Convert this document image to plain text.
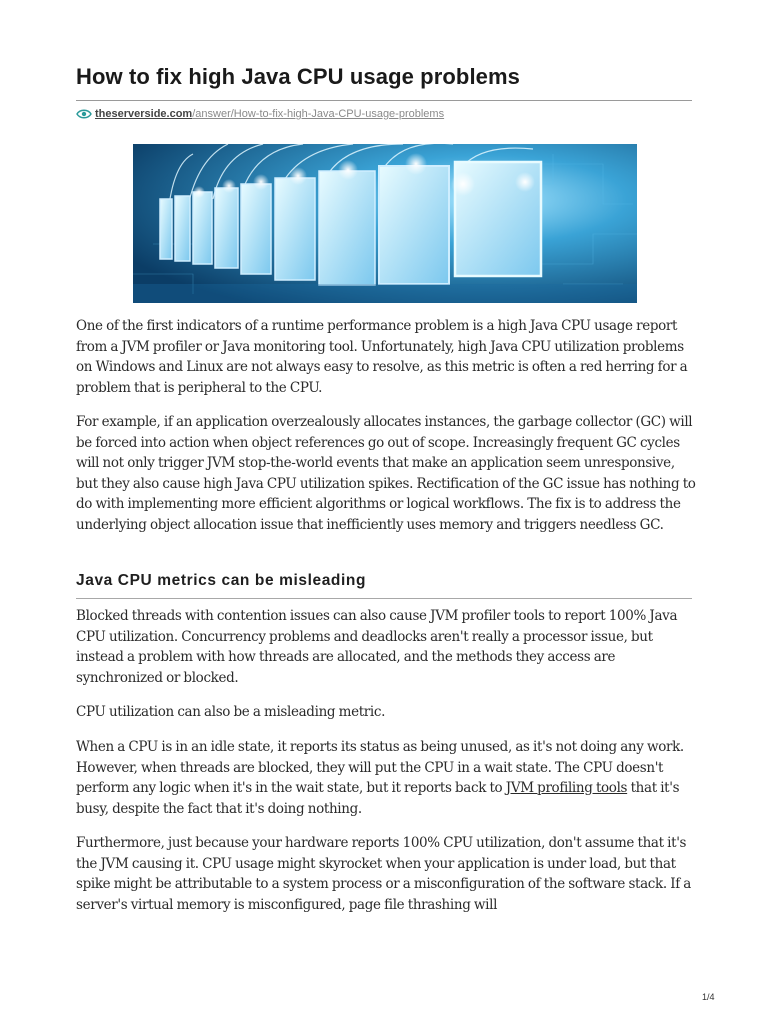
How to fix high Java CPU usage problems
theserverside.com /answer/How-to-fix-high-Java-CPU-usage-problems

One of the first indicators of a runtime performance problem is a high Java CPU usage report from a JVM profiler or Java monitoring tool. Unfortunately, high Java CPU utilization problems on Windows and Linux are not always easy to resolve, as this metric is often a red herring for a problem that is peripheral to the CPU.

For example, if an application overzealously allocates instances, the garbage collector (GC) will be forced into action when object references go out of scope. Increasingly frequent GC cycles will not only trigger JVM stop-the-world events that make an application seem unresponsive, but they also cause high Java CPU utilization spikes. Rectification of the GC issue has nothing to do with implementing more efficient algorithms or logical workflows. The fix is to address the underlying object allocation issue that inefficiently uses memory and triggers needless GC.

Java CPU metrics can be misleading

Blocked threads with contention issues can also cause JVM profiler tools to report 100% Java CPU utilization. Concurrency problems and deadlocks aren't really a processor issue, but instead a problem with how threads are allocated, and the methods they access are synchronized or blocked.

CPU utilization can also be a misleading metric.

When a CPU is in an idle state, it reports its status as being unused, as it's not doing any work. However, when threads are blocked, they will put the CPU in a wait state. The CPU doesn't perform any logic when it's in the wait state, but it reports back to JVM profiling tools that it's busy, despite the fact that it's doing nothing.

Furthermore, just because your hardware reports 100% CPU utilization, don't assume that it's the JVM causing it. CPU usage might skyrocket when your application is under load, but that spike might be attributable to a system process or a misconfiguration of the software stack. If a server's virtual memory is misconfigured, page file thrashing will

1/4
